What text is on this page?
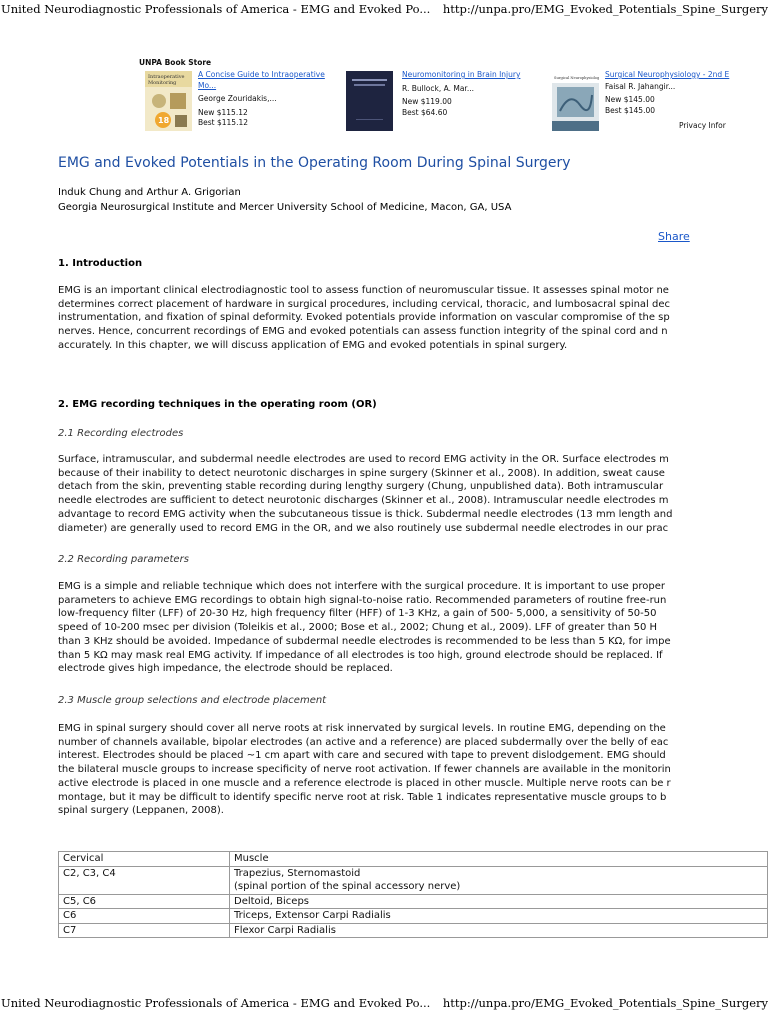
United Neurodiagnostic Professionals of America - EMG and Evoked Po... http://unpa.pro/EMG_Evoked_Potentials_Spine_Surgery
UNPA Book Store
Intraoperative
Monitoring
18
A Concise Guide to Intraoperative
Mo...
George Zouridakis,...
New $115.12
Best $115.12
Neuromonitoring in Brain Injury
R. Bullock, A. Mar...
New $119.00
Best $64.60
Surgical Neurophysiology Surgical Neurophysiology - 2nd E
Faisal R. Jahangir...
New $145.00
Best $145.00
Privacy Infor
EMG and Evoked Potentials in the Operating Room During Spinal Surgery
Induk Chung and Arthur A. Grigorian
Georgia Neurosurgical Institute and Mercer University School of Medicine, Macon, GA, USA
1. Introduction
EMG is an important clinical electrodiagnostic tool to assess function of neuromuscular tissue. It assesses spinal motor ne
determines correct placement of hardware in surgical procedures, including cervical, thoracic, and lumbosacral spinal dec
instrumentation, and fixation of spinal deformity. Evoked potentials provide information on vascular compromise of the sp
nerves. Hence, concurrent recordings of EMG and evoked potentials can assess function integrity of the spinal cord and n
accurately. In this chapter, we will discuss application of EMG and evoked potentials in spinal surgery.
2. EMG recording techniques in the operating room (OR)
2.1 Recording electrodes
Surface, intramuscular, and subdermal needle electrodes are used to record EMG activity in the OR. Surface electrodes m
because of their inability to detect neurotonic discharges in spine surgery (Skinner et al., 2008). In addition, sweat cause
detach from the skin, preventing stable recording during lengthy surgery (Chung, unpublished data). Both intramuscular
needle electrodes are sufficient to detect neurotonic discharges (Skinner et al., 2008). Intramuscular needle electrodes m
advantage to record EMG activity when the subcutaneous tissue is thick. Subdermal needle electrodes (13 mm length and
diameter) are generally used to record EMG in the OR, and we also routinely use subdermal needle electrodes in our prac
2.2 Recording parameters
EMG is a simple and reliable technique which does not interfere with the surgical procedure. It is important to use proper
parameters to achieve EMG recordings to obtain high signal-to-noise ratio. Recommended parameters of routine free-run
low-frequency filter (LFF) of 20-30 Hz, high frequency filter (HFF) of 1-3 KHz, a gain of 500- 5,000, a sensitivity of 50-50
speed of 10-200 msec per division (Toleikis et al., 2000; Bose et al., 2002; Chung et al., 2009). LFF of greater than 50 H
than 3 KHz should be avoided. Impedance of subdermal needle electrodes is recommended to be less than 5 KΩ, for impe
than 5 KΩ may mask real EMG activity. If impedance of all electrodes is too high, ground electrode should be replaced. If
electrode gives high impedance, the electrode should be replaced.
2.3 Muscle group selections and electrode placement
EMG in spinal surgery should cover all nerve roots at risk innervated by surgical levels. In routine EMG, depending on the
number of channels available, bipolar electrodes (an active and a reference) are placed subdermally over the belly of eac
interest. Electrodes should be placed ~1 cm apart with care and secured with tape to prevent dislodgement. EMG should
the bilateral muscle groups to increase specificity of nerve root activation. If fewer channels are available in the monitorin
active electrode is placed in one muscle and a reference electrode is placed in other muscle. Multiple nerve roots can be r
montage, but it may be difficult to identify specific nerve root at risk. Table 1 indicates representative muscle groups to b
spinal surgery (Leppanen, 2008).
Cervical	Muscle
C2, C3, C4	Trapezius, Sternomastoid
(spinal portion of the spinal accessory nerve)

C5, C6	Deltoid, Biceps
C6	Triceps, Extensor Carpi Radialis
C7	Flexor Carpi Radialis
Share
United Neurodiagnostic Professionals of America - EMG and Evoked Po... http://unpa.pro/EMG_Evoked_Potentials_Spine_Surgery
